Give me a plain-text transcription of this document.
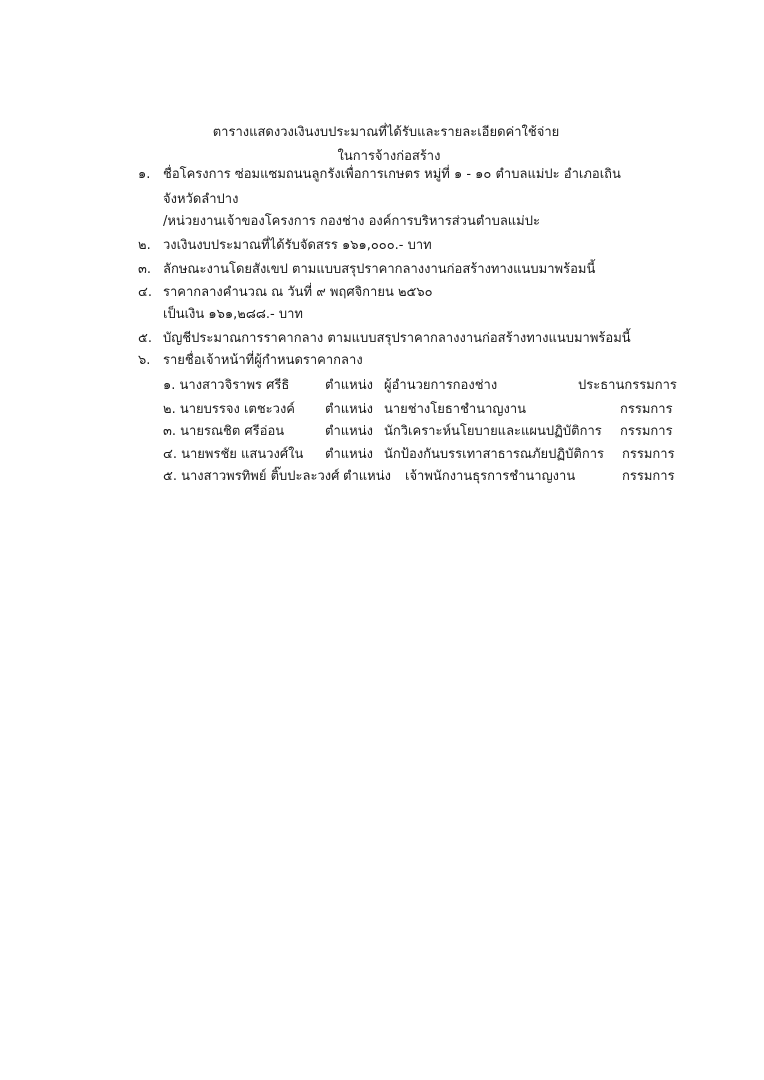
ตารางแสดงวงเงินงบประมาณที่ได้รับและรายละเอียดค่าใช้จ่าย
ในการจ้างก่อสร้าง
๑. ชื่อโครงการ ซ่อมแซมถนนลูกรังเพื่อการเกษตร หมู่ที่ ๑ - ๑๐ ตำบลแม่ปะ อำเภอเถิน
จังหวัดลำปาง
/หน่วยงานเจ้าของโครงการ กองช่าง องค์การบริหารส่วนตำบลแม่ปะ
๒. วงเงินงบประมาณที่ได้รับจัดสรร ๑๖๑,๐๐๐.- บาท
๓. ลักษณะงานโดยสังเขป ตามแบบสรุปราคากลางงานก่อสร้างทางแนบมาพร้อมนี้
๔. ราคากลางคำนวณ ณ วันที่ ๙ พฤศจิกายน ๒๕๖๐
เป็นเงิน ๑๖๑,๒๘๘.- บาท
๕. บัญชีประมาณการราคากลาง ตามแบบสรุปราคากลางงานก่อสร้างทางแนบมาพร้อมนี้
๖. รายชื่อเจ้าหน้าที่ผู้กำหนดราคากลาง
๑. นางสาวจิราพร ศรีธิ	ตำแหน่ง ผู้อำนวยการกองช่าง	ประธานกรรมการ
๒. นายบรรจง เตชะวงค์ ตำแหน่ง นายช่างโยธาชำนาญงาน	กรรมการ
๓. นายรณชิต ศรีอ่อน	ตำแหน่ง นักวิเคราะห์นโยบายและแผนปฏิบัติการ กรรมการ
๔. นายพรชัย แสนวงศ์ใน ตำแหน่ง นักป้องกันบรรเทาสาธารณภัยปฏิบัติการ กรรมการ
๕. นางสาวพรทิพย์ ติ๊บปะละวงศ์ ตำแหน่ง เจ้าพนักงานธุรการชำนาญงาน	กรรมการ
